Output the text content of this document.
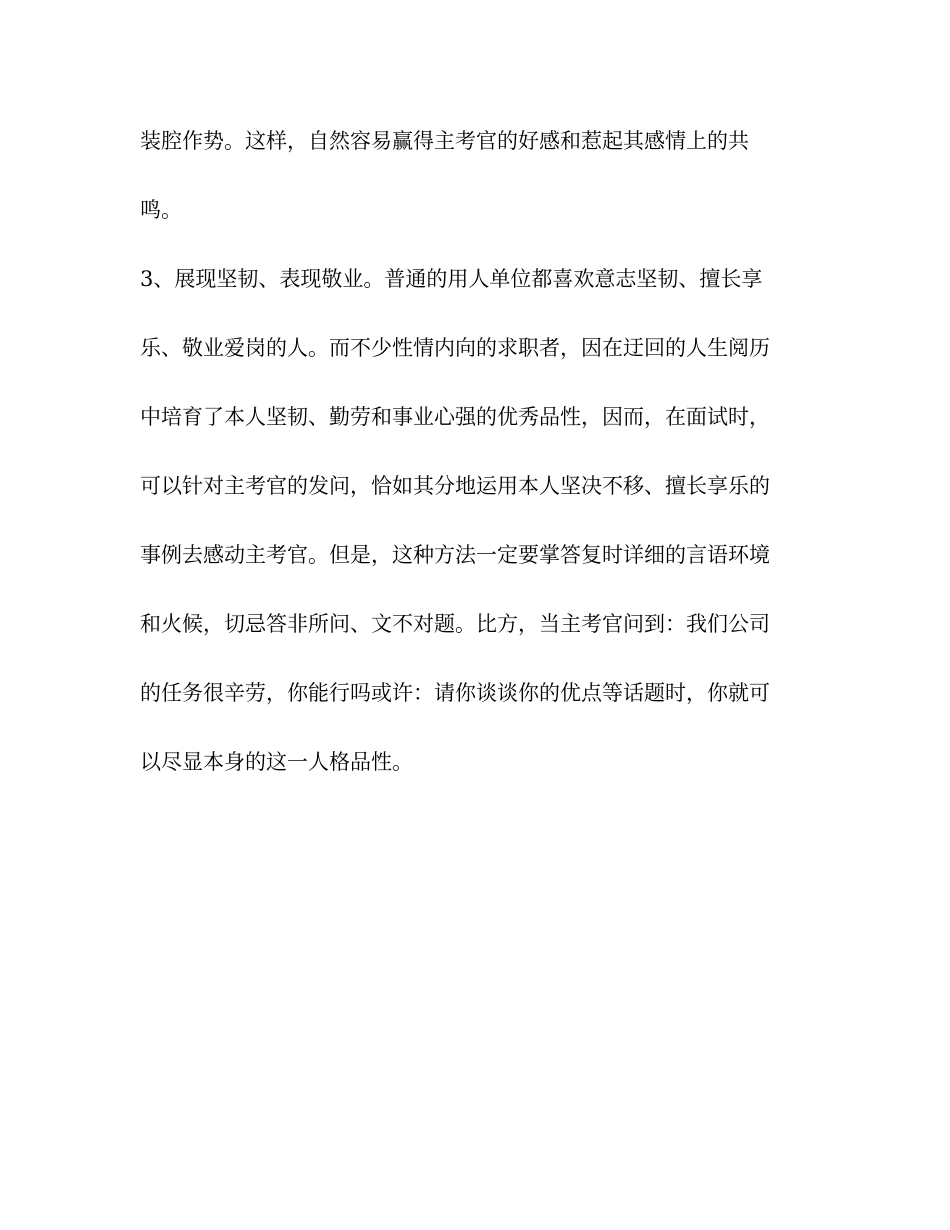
装腔作势。这样，自然容易赢得主考官的好感和惹起其感情上的共
鸣。
3、展现坚韧、表现敬业。普通的用人单位都喜欢意志坚韧、擅长享
乐、敬业爱岗的人。而不少性情内向的求职者，因在迂回的人生阅历
中培育了本人坚韧、勤劳和事业心强的优秀品性，因而，在面试时，
可以针对主考官的发问，恰如其分地运用本人坚决不移、擅长享乐的
事例去感动主考官。但是，这种方法一定要掌答复时详细的言语环境
和火候，切忌答非所问、文不对题。比方，当主考官问到：我们公司
的任务很辛劳，你能行吗或许：请你谈谈你的优点等话题时，你就可
以尽显本身的这一人格品性。
